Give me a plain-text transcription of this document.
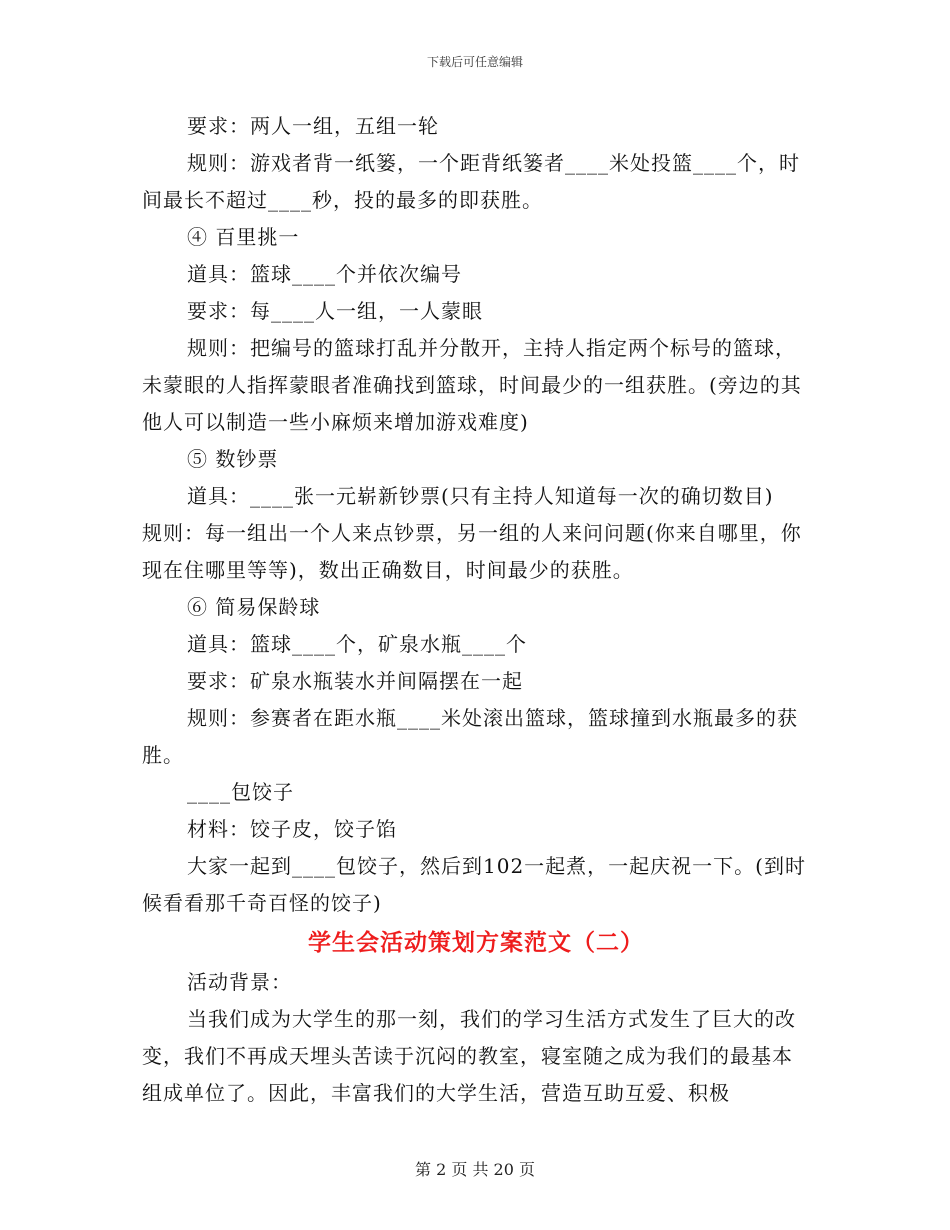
下载后可任意编辑

要求：两人一组，五组一轮

规则：游戏者背一纸篓，一个距背纸篓者____米处投篮____个，时间最长不超过____秒，投的最多的即获胜。

④ 百里挑一

道具：篮球____个并依次编号

要求：每____人一组，一人蒙眼

规则：把编号的篮球打乱并分散开，主持人指定两个标号的篮球，未蒙眼的人指挥蒙眼者准确找到篮球，时间最少的一组获胜。(旁边的其他人可以制造一些小麻烦来增加游戏难度)

⑤ 数钞票

道具：____张一元崭新钞票(只有主持人知道每一次的确切数目)

规则：每一组出一个人来点钞票，另一组的人来问问题(你来自哪里，你现在住哪里等等)，数出正确数目，时间最少的获胜。

⑥ 简易保龄球

道具：篮球____个，矿泉水瓶____个

要求：矿泉水瓶装水并间隔摆在一起

规则：参赛者在距水瓶____米处滚出篮球，篮球撞到水瓶最多的获胜。

____包饺子

材料：饺子皮，饺子馅

大家一起到____包饺子，然后到102一起煮，一起庆祝一下。(到时候看看那千奇百怪的饺子)

学生会活动策划方案范文（二）

活动背景：

当我们成为大学生的那一刻，我们的学习生活方式发生了巨大的改变，我们不再成天埋头苦读于沉闷的教室，寝室随之成为我们的最基本组成单位了。因此，丰富我们的大学生活，营造互助互爱、积极

第 2 页 共 20 页
